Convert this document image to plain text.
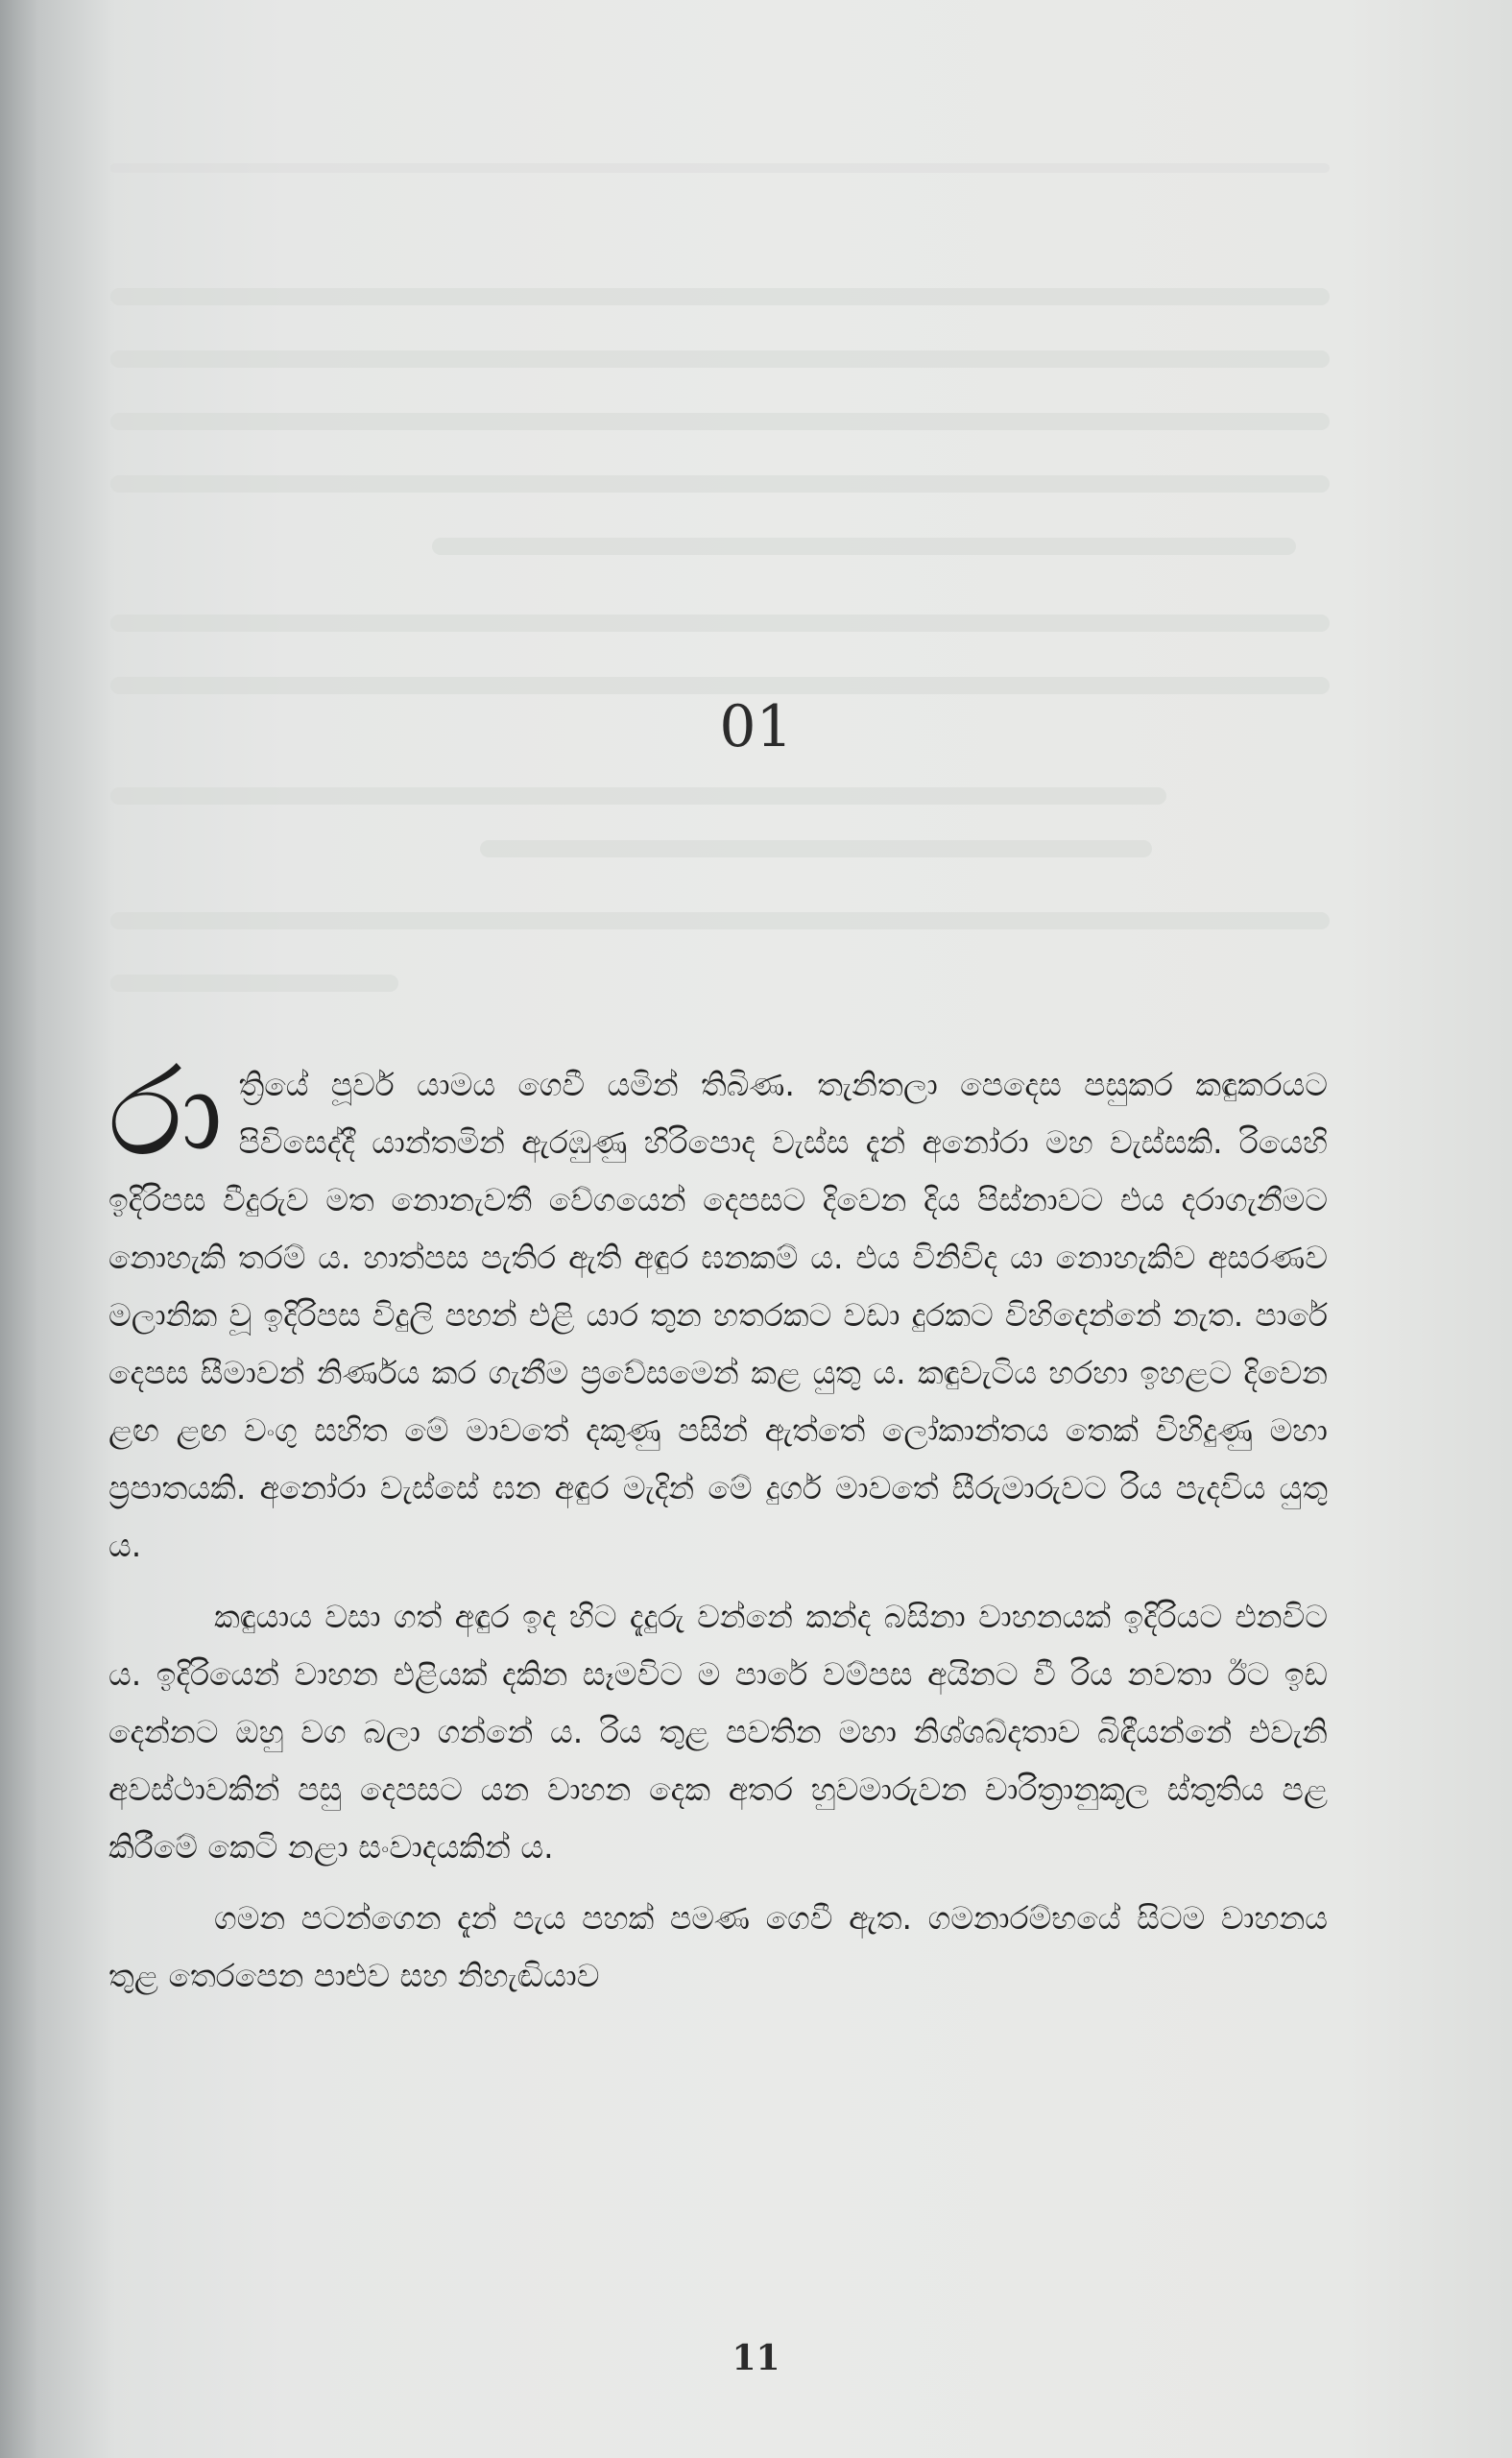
01

රාත්‍රියේ පූර්ව යාමය ගෙවී යමින් තිබිණ. තැනිතලා පෙදෙස පසුකර කඳුකරයට පිවිසෙද්දී යාන්තමින් ඇරඹුණු හිරිපොද වැස්ස දැන් අනෝරා මහ වැස්සකි. රියෙහි ඉදිරිපස වීදුරුව මත නොනැවතී වේගයෙන් දෙපසට දිවෙන දිය පිස්නාවට එය දරාගැනීමට නොහැකි තරම් ය. හාත්පස පැතිර ඇති අඳුර ඝනකම් ය. එය විනිවිද යා නොහැකිව අසරණව මලානික වූ ඉදිරිපස විදුලි පහන් එළි යාර තුන හතරකට වඩා දුරකට විහිදෙන්නේ නැත. පාරේ දෙපස සීමාවන් නිර්ණය කර ගැනීම ප්‍රවේසමෙන් කළ යුතු ය. කඳුවැටිය හරහා ඉහළට දිවෙන ළඟ ළඟ වංගු සහිත මේ මාවතේ දකුණු පසින් ඇත්තේ ලෝකාන්තය තෙක් විහිදුණු මහා ප්‍රපාතයකි. අනෝරා වැස්සේ ඝන අඳුර මැදින් මේ දුර්ග මාවතේ සීරුමාරුවට රිය පැදවිය යුතු ය.

කඳුයාය වසා ගත් අඳුර ඉද හිට දැදුරු වන්නේ කන්ද බසිනා වාහනයක් ඉදිරියට එනවිට ය. ඉදිරියෙන් වාහන එළියක් දකින සෑමවිට ම පාරේ වම්පස අයිනට වී රිය නවතා ඊට ඉඩ දෙන්නට ඔහු වග බලා ගන්නේ ය. රිය තුළ පවතින මහා නිශ්ශබ්දතාව බිඳීයන්නේ එවැනි අවස්ථාවකින් පසු දෙපසට යන වාහන දෙක අතර හුවමාරුවන චාරිත්‍රානුකූල ස්තුතිය පළ කිරීමේ කෙටි නළා සංවාදයකින් ය.

ගමන පටන්ගෙන දැන් පැය පහක් පමණ ගෙවී ඇත. ගමනාරම්භයේ සිටම වාහනය තුළ තෙරපෙන පාළුව සහ නිහැඬියාව

11
